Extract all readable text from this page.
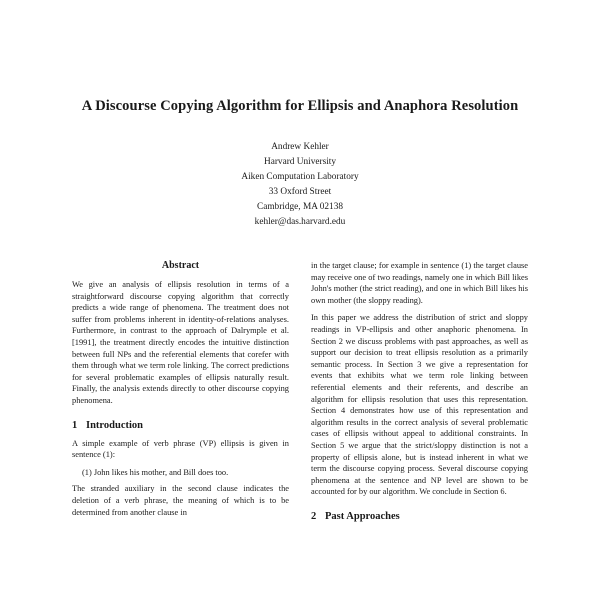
A Discourse Copying Algorithm for Ellipsis and Anaphora Resolution
Andrew Kehler
Harvard University
Aiken Computation Laboratory
33 Oxford Street
Cambridge, MA 02138
kehler@das.harvard.edu
Abstract

We give an analysis of ellipsis resolution in terms of a straightforward discourse copying algorithm that correctly predicts a wide range of phenomena. The treatment does not suffer from problems inherent in identity-of-relations analyses. Furthermore, in contrast to the approach of Dalrymple et al. [1991], the treatment directly encodes the intuitive distinction between full NPs and the referential elements that corefer with them through what we term role linking. The correct predictions for several problematic examples of ellipsis naturally result. Finally, the analysis extends directly to other discourse copying phenomena.

1 Introduction

A simple example of verb phrase (VP) ellipsis is given in sentence (1):

(1) John likes his mother, and Bill does too.

The stranded auxiliary in the second clause indicates the deletion of a verb phrase, the meaning of which is to be determined from another clause in

in the target clause; for example in sentence (1) the target clause may receive one of two readings, namely one in which Bill likes John's mother (the strict reading), and one in which Bill likes his own mother (the sloppy reading).

In this paper we address the distribution of strict and sloppy readings in VP-ellipsis and other anaphoric phenomena. In Section 2 we discuss problems with past approaches, as well as support our decision to treat ellipsis resolution as a primarily semantic process. In Section 3 we give a representation for events that exhibits what we term role linking between referential elements and their referents, and describe an algorithm for ellipsis resolution that uses this representation. Section 4 demonstrates how use of this representation and algorithm results in the correct analysis of several problematic cases of ellipsis without appeal to additional constraints. In Section 5 we argue that the strict/sloppy distinction is not a property of ellipsis alone, but is instead inherent in what we term the discourse copying process. Several discourse copying phenomena at the sentence and NP level are shown to be accounted for by our algorithm. We conclude in Section 6.

2 Past Approaches
